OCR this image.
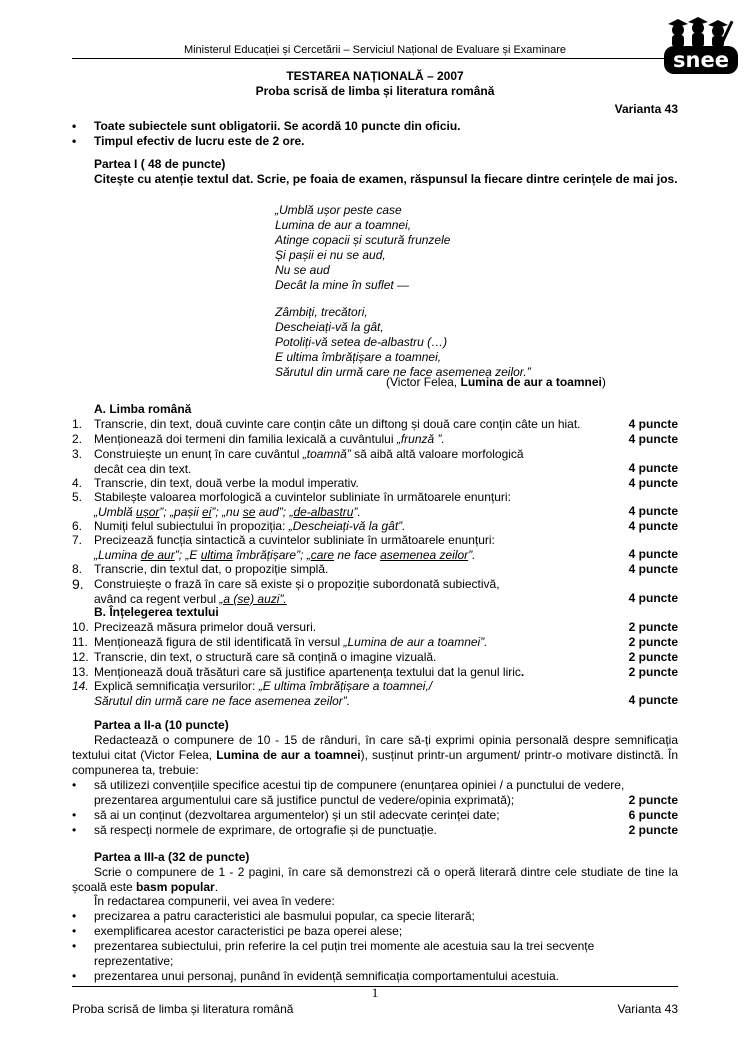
Ministerul Educației și Cercetării – Serviciul Național de Evaluare și Examinare	snee
TESTAREA NAȚIONALĂ – 2007
Proba scrisă de limba și literatura română
Varianta 43
• Toate subiectele sunt obligatorii. Se acordă 10 puncte din oficiu.
• Timpul efectiv de lucru este de 2 ore.
Partea I ( 48 de puncte)
Citește cu atenție textul dat. Scrie, pe foaia de examen, răspunsul la fiecare dintre cerințele de mai jos.
„Umblă ușor peste case
Lumina de aur a toamnei,
Atinge copacii și scutură frunzele
Și pașii ei nu se aud,
Nu se aud
Decât la mine în suflet —
Zâmbiți, trecători,
Descheiați-vă la gât,
Potoliți-vă setea de-albastru (…)
E ultima îmbrățișare a toamnei,
Sărutul din urmă care ne face asemenea zeilor.”
(Victor Felea, Lumina de aur a toamnei)
A. Limba română
1. Transcrie, din text, două cuvinte care conțin câte un diftong și două care conțin câte un hiat.	4 puncte
2. Menționează doi termeni din familia lexicală a cuvântului „frunză ”.	4 puncte
3. Construiește un enunț în care cuvântul „toamnă” să aibă altă valoare morfologică
decât cea din text.	4 puncte
4. Transcrie, din text, două verbe la modul imperativ.	4 puncte
5. Stabilește valoarea morfologică a cuvintelor subliniate în următoarele enunțuri:
„Umblă ușor”; „pașii ei”; „nu se aud”; „de-albastru”.	4 puncte
6. Numiți felul subiectului în propoziția: „Descheiați-vă la gât”.	4 puncte
7. Precizează funcția sintactică a cuvintelor subliniate în următoarele enunțuri:
„Lumina de aur”; „E ultima îmbrățișare”; „care ne face asemenea zeilor”.	4 puncte
8. Transcrie, din textul dat, o propoziție simplă.	4 puncte
9. Construiește o frază în care să existe și o propoziție subordonată subiectivă,
având ca regent verbul „a (se) auzi”.	4 puncte
B. Înțelegerea textului
10. Precizează măsura primelor două versuri.	2 puncte
11. Menționează figura de stil identificată în versul „Lumina de aur a toamnei”.	2 puncte
12. Transcrie, din text, o structură care să conțină o imagine vizuală.	2 puncte
13. Menționează două trăsături care să justifice apartenența textului dat la genul liric.	2 puncte
14. Explică semnificația versurilor: „E ultima îmbrățișare a toamnei,/
Sărutul din urmă care ne face asemenea zeilor”.	4 puncte
Partea a II-a (10 puncte)
Redactează o compunere de 10 - 15 de rânduri, în care să-ți exprimi opinia personală despre semnificația textului citat (Victor Felea, Lumina de aur a toamnei), susținut printr-un argument/ printr-o motivare distinctă. În compunerea ta, trebuie:
• să utilizezi convențiile specifice acestui tip de compunere (enunțarea opiniei / a punctului de vedere,
prezentarea argumentului care să justifice punctul de vedere/opinia exprimată);	2 puncte
• să ai un conținut (dezvoltarea argumentelor) și un stil adecvate cerinței date;	6 puncte
• să respecți normele de exprimare, de ortografie și de punctuație.	2 puncte
Partea a III-a (32 de puncte)
Scrie o compunere de 1 - 2 pagini, în care să demonstrezi că o operă literară dintre cele studiate de tine la școală este basm popular.
În redactarea compunerii, vei avea în vedere:
• precizarea a patru caracteristici ale basmului popular, ca specie literară;
• exemplificarea acestor caracteristici pe baza operei alese;
• prezentarea subiectului, prin referire la cel puțin trei momente ale acestuia sau la trei secvențe
reprezentative;
• prezentarea unui personaj, punând în evidență semnificația comportamentului acestuia.
1
Proba scrisă de limba și literatura română	Varianta 43
